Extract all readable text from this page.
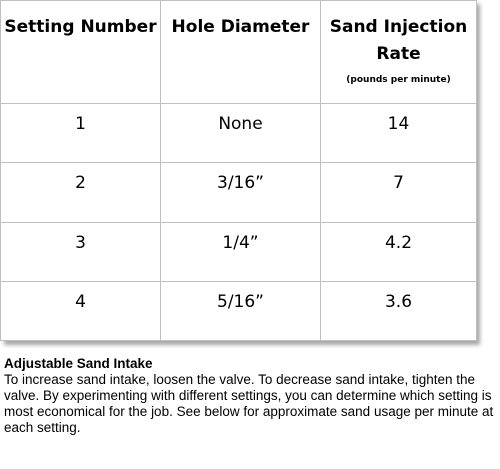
Setting Number	Hole Diameter	Sand Injection
Rate
(pounds per minute)

1	None	14
2	3/16”	7
3	1/4”	4.2
4	5/16”	3.6
Adjustable Sand Intake
To increase sand intake, loosen the valve. To decrease sand intake, tighten the valve. By experimenting with different settings, you can determine which setting is most economical for the job. See below for approximate sand usage per minute at each setting.
